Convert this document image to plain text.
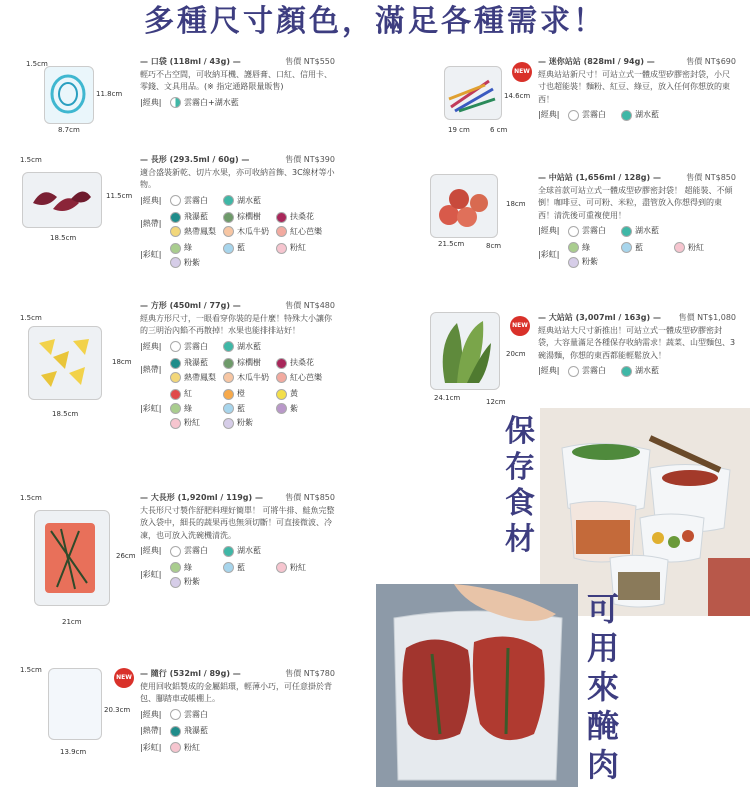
多種尺寸顏色，滿足各種需求！
1.5cm
11.8cm
8.7cm
— 口袋 (118ml / 43g) —	售價 NT$550
輕巧不占空間，可收納耳機、護唇膏、口紅、信用卡、零錢、文具用品。(※ 指定通路限量販售)
|經典|	雲霧白+湖水藍
1.5cm
11.5cm
18.5cm
— 長形 (293.5ml / 60g) —	售價 NT$390
適合盛裝新乾、切片水果，亦可收納首飾、3C線材等小物。
|經典|	雲霧白	湖水藍
|熱帶|
飛瀑藍	棕櫚樹	扶桑花
熱帶鳳梨	木瓜牛奶	紅心芭樂
|彩虹|
綠	藍	粉紅
粉紫
1.5cm
18cm
18.5cm
— 方形 (450ml / 77g) —	售價 NT$480
經典方形尺寸，一眼看穿你裝的是什麼！特殊大小讓你的三明治內餡不再散掉！水果也能排排站好！
|經典|	雲霧白	湖水藍
|熱帶|
飛瀑藍	棕櫚樹	扶桑花
熱帶鳳梨	木瓜牛奶	紅心芭樂
|彩虹|
紅	橙	黃
綠	藍	紫
粉紅	粉紫
1.5cm
26cm
21cm
— 大長形 (1,920ml / 119g) —	售價 NT$850
大長形尺寸製作舒肥料理好簡單！ 可將牛排、鮭魚完整放入袋中，細長的蔬果再也無須切斷！可直接微波、冷凍，也可放入洗碗機清洗。
|經典|	雲霧白	湖水藍
|彩虹|
綠	藍	粉紅
粉紫
1.5cm
20.3cm
13.9cm
NEW — 隨行 (532ml / 89g) —	售價 NT$780
使用回收鋁製成的金屬鋁環，輕薄小巧，可任意掛於背包、腳踏車或帳棚上。
|經典|	雲霧白
|熱帶|	飛瀑藍
|彩虹|	粉紅
NEW
14.6cm
19 cm	6 cm
— 迷你站站 (828ml / 94g) —	售價 NT$690
經典站站新尺寸！可站立式一體成型矽膠密封袋，小尺寸也超能裝！麵粉、紅豆、綠豆，放入任何你想放的東西！
|經典|	雲霧白	湖水藍
18cm
21.5cm	8cm
— 中站站 (1,656ml / 128g) —	售價 NT$850
全球首款可站立式一體成型矽膠密封袋！ 超能裝、不傾倒！咖啡豆、可可粉、米粒，盡管放入你想得到的東西！清洗後可重複使用！
|經典|	雲霧白	湖水藍
|彩虹|
綠	藍	粉紅
粉紫
NEW
20cm
24.1cm	12cm
— 大站站 (3,007ml / 163g) — 售價 NT$1,080
經典站站大尺寸新推出！可站立式一體成型矽膠密封袋，大容量滿足各種保存收納需求！蔬菜、山型麵包、3碗湯麵，你想的東西都能輕鬆放入！
|經典|	雲霧白	湖水藍
保
存
食
材
可
用
來
醃
肉
